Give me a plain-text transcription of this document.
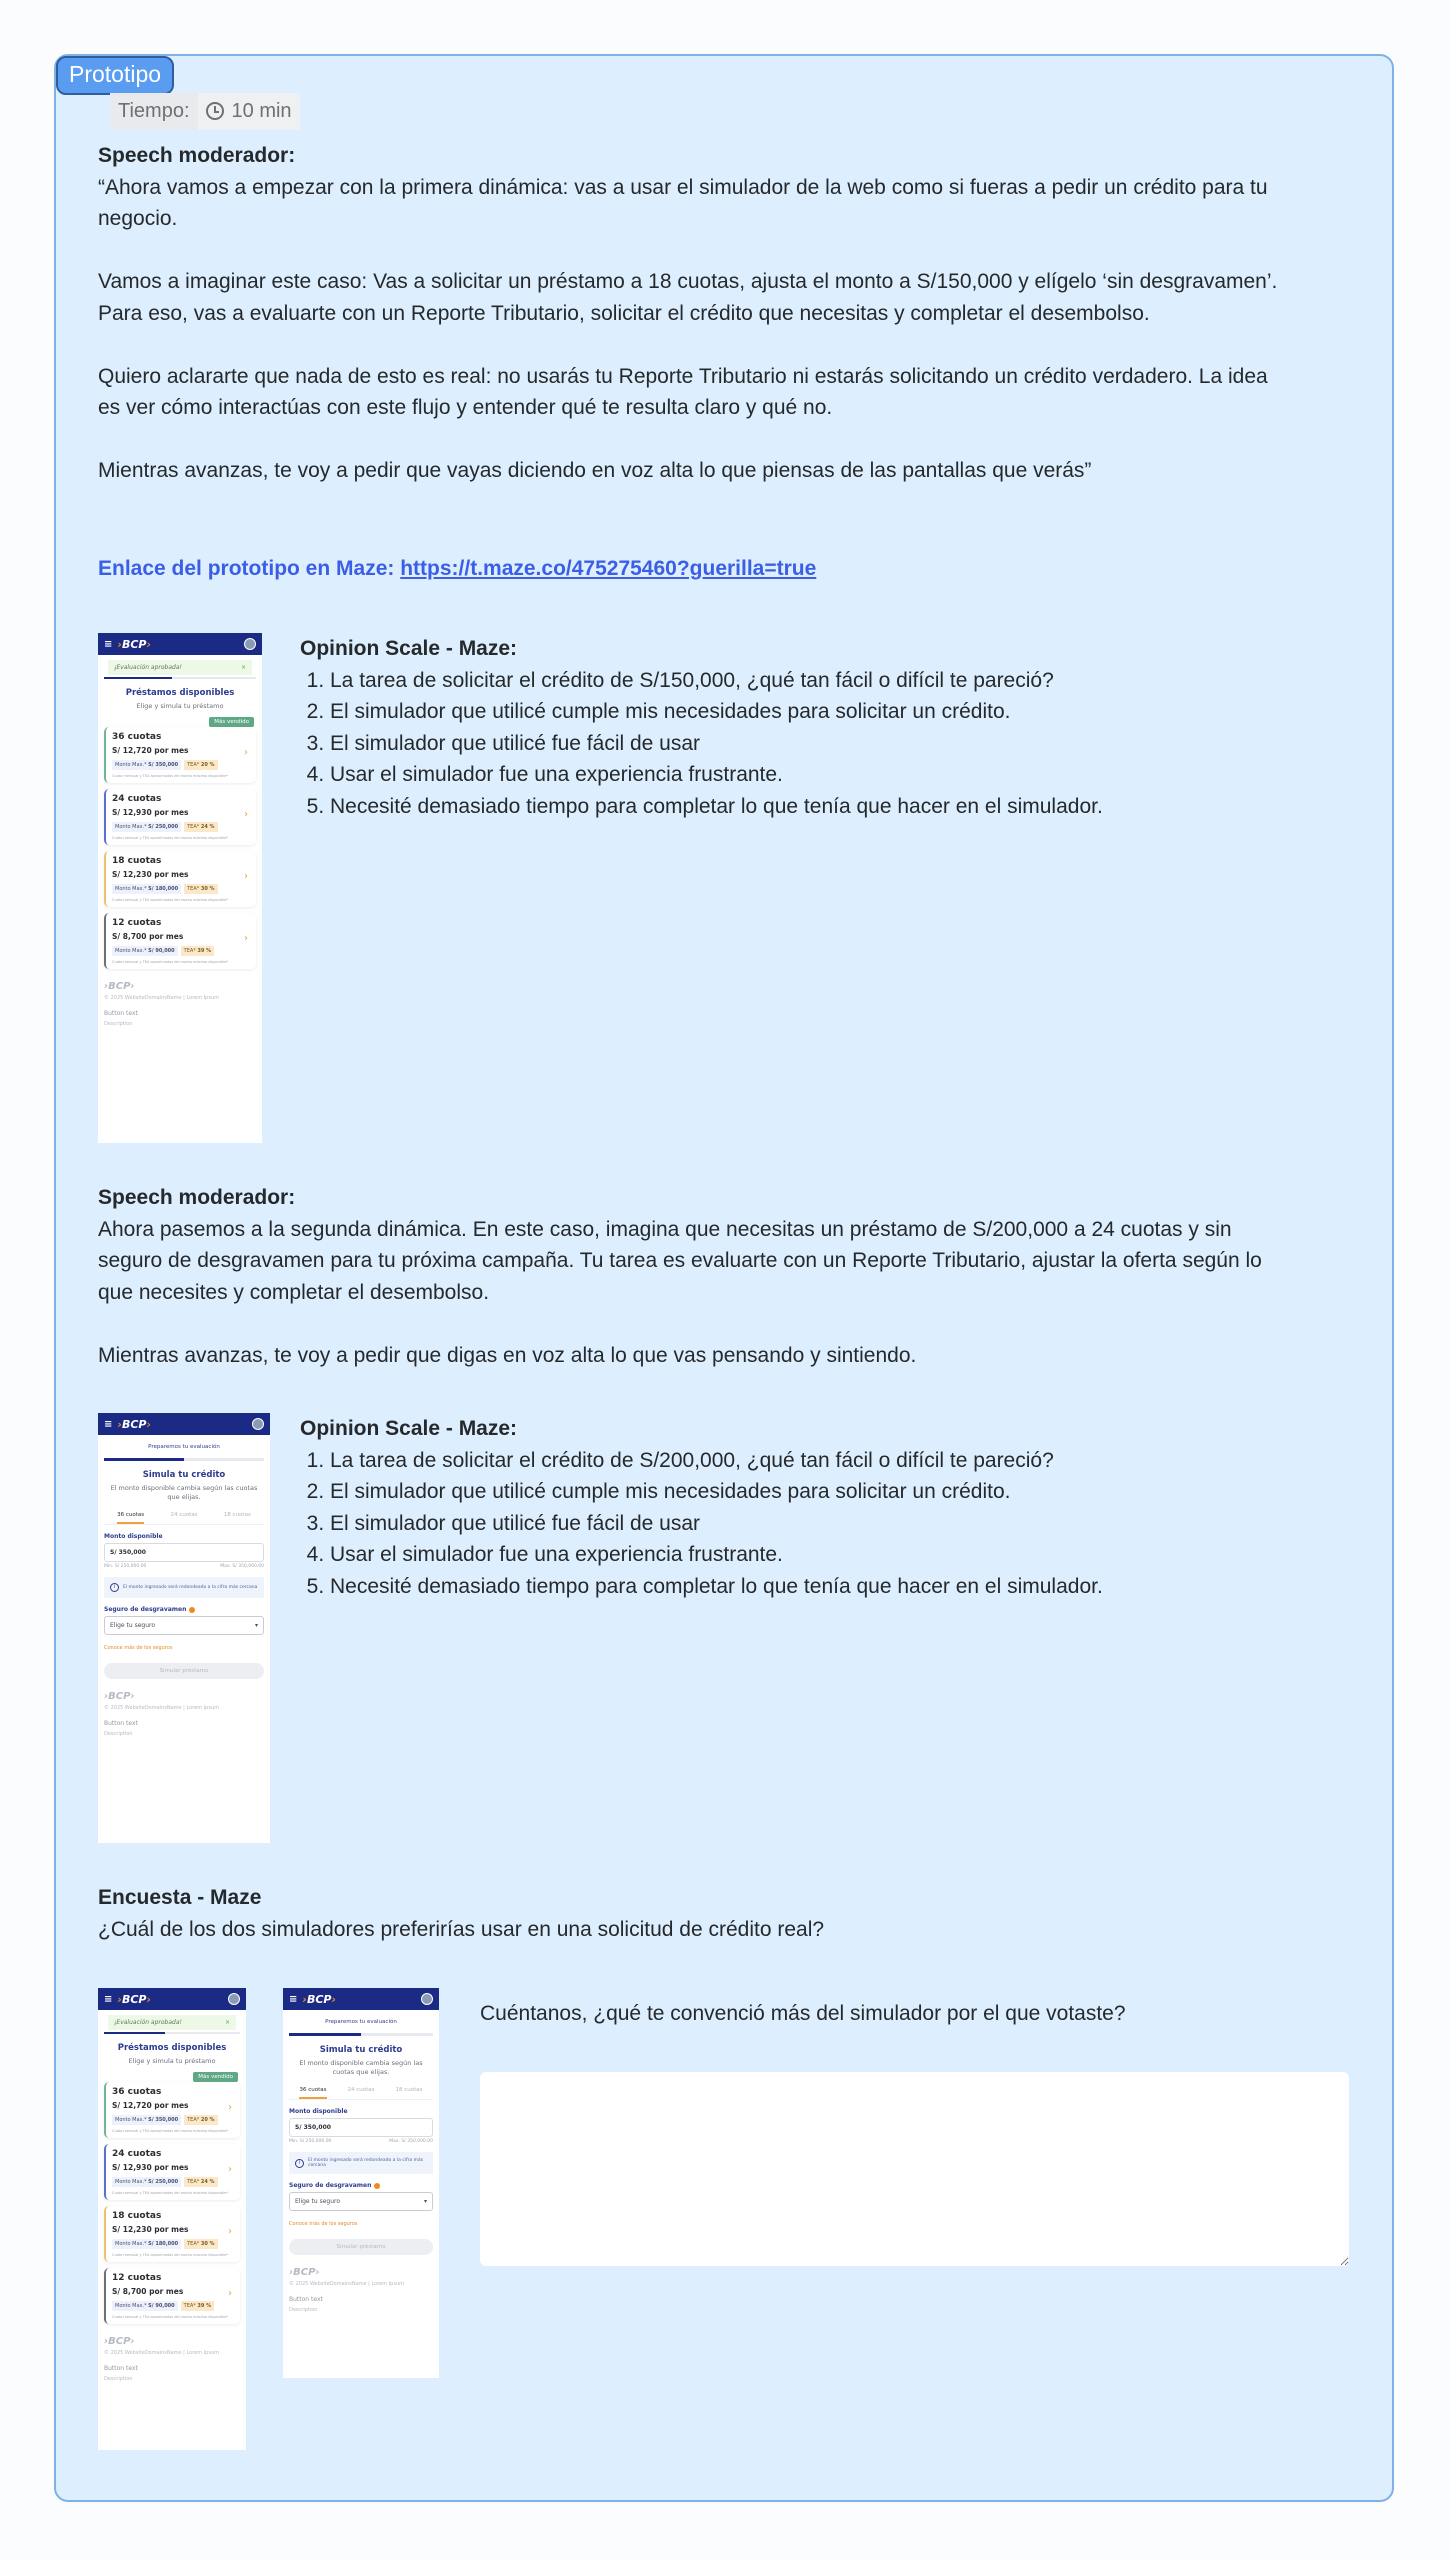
Prototipo
Tiempo:	10 min

Speech moderador:

“Ahora vamos a empezar con la primera dinámica: vas a usar el simulador de la web como si fueras a pedir un crédito para tu negocio.

Vamos a imaginar este caso: Vas a solicitar un préstamo a 18 cuotas, ajusta el monto a S/150,000 y elígelo ‘sin desgravamen’. Para eso, vas a evaluarte con un Reporte Tributario, solicitar el crédito que necesitas y completar el desembolso.

Quiero aclararte que nada de esto es real: no usarás tu Reporte Tributario ni estarás solicitando un crédito verdadero. La idea es ver cómo interactúas con este flujo y entender qué te resulta claro y qué no.

Mientras avanzas, te voy a pedir que vayas diciendo en voz alta lo que piensas de las pantallas que verás”

Enlace del prototipo en Maze: https://t.maze.co/475275460?guerilla=true
≡ ›BCP›
¡Evaluación aprobada!	×
Préstamos disponibles
Elige y simula tu préstamo
Más vendido
36 cuotas
S/ 12,720 por mes	›
Monto Max.* S/ 350,000	TEA* 20 %
Cuota mensual y TEA aproximadas del monto máximo disponible*
24 cuotas
S/ 12,930 por mes	›
Monto Max.* S/ 250,000	TEA* 24 %
Cuota mensual y TEA aproximadas del monto máximo disponible*
18 cuotas
S/ 12,230 por mes	›
Monto Max.* S/ 180,000	TEA* 30 %
Cuota mensual y TEA aproximadas del monto máximo disponible*
12 cuotas
S/ 8,700 por mes	›
Monto Max.* S/ 90,000	TEA* 39 %
Cuota mensual y TEA aproximadas del monto máximo disponible*
›BCP›
© 2025 WebsiteDomainsName | Lorem Ipsum
Button text
Description
Opinion Scale - Maze:
1. La tarea de solicitar el crédito de S/150,000, ¿qué tan fácil o difícil te pareció?
2. El simulador que utilicé cumple mis necesidades para solicitar un crédito.
3. El simulador que utilicé fue fácil de usar
4. Usar el simulador fue una experiencia frustrante.
5. Necesité demasiado tiempo para completar lo que tenía que hacer en el simulador.

Speech moderador:

Ahora pasemos a la segunda dinámica. En este caso, imagina que necesitas un préstamo de S/200,000 a 24 cuotas y sin seguro de desgravamen para tu próxima campaña. Tu tarea es evaluarte con un Reporte Tributario, ajustar la oferta según lo que necesites y completar el desembolso.

Mientras avanzas, te voy a pedir que digas en voz alta lo que vas pensando y sintiendo.

≡ ›BCP›
Preparemos tu evaluación
Simula tu crédito
El monto disponible cambia según las cuotas que elijas.
36 cuotas	24 cuotas	18 cuotas
Monto disponible
S/ 350,000
Min. S/ 250,000.00	Max. S/ 350,000.00
i	El monto ingresado será redondeado a la cifra más cercana
Seguro de desgravamen
Elige tu seguro	▾
Conoce más de los seguros
Simular préstamo
›BCP›
© 2025 WebsiteDomainsName | Lorem Ipsum
Button text
Description
Opinion Scale - Maze:
1. La tarea de solicitar el crédito de S/200,000, ¿qué tan fácil o difícil te pareció?
2. El simulador que utilicé cumple mis necesidades para solicitar un crédito.
3. El simulador que utilicé fue fácil de usar
4. Usar el simulador fue una experiencia frustrante.
5. Necesité demasiado tiempo para completar lo que tenía que hacer en el simulador.

Encuesta - Maze

¿Cuál de los dos simuladores preferirías usar en una solicitud de crédito real?

≡ ›BCP›
¡Evaluación aprobada!	×
Préstamos disponibles
Elige y simula tu préstamo
Más vendido
36 cuotas
S/ 12,720 por mes	›
Monto Max.* S/ 350,000	TEA* 20 %
Cuota mensual y TEA aproximadas del monto máximo disponible*
24 cuotas
S/ 12,930 por mes	›
Monto Max.* S/ 250,000	TEA* 24 %
Cuota mensual y TEA aproximadas del monto máximo disponible*
18 cuotas
S/ 12,230 por mes	›
Monto Max.* S/ 180,000	TEA* 30 %
Cuota mensual y TEA aproximadas del monto máximo disponible*
12 cuotas
S/ 8,700 por mes	›
Monto Max.* S/ 90,000	TEA* 39 %
Cuota mensual y TEA aproximadas del monto máximo disponible*
›BCP›
© 2025 WebsiteDomainsName | Lorem Ipsum
Button text
Description
≡ ›BCP›
Preparemos tu evaluación
Simula tu crédito
El monto disponible cambia según las cuotas que elijas.
36 cuotas	24 cuotas	18 cuotas
Monto disponible
S/ 350,000
Min. S/ 250,000.00	Max. S/ 350,000.00
i	El monto ingresado será redondeado a la cifra más cercana
Seguro de desgravamen
Elige tu seguro	▾
Conoce más de los seguros
Simular préstamo
›BCP›
© 2025 WebsiteDomainsName | Lorem Ipsum
Button text
Description
Cuéntanos, ¿qué te convenció más del simulador por el que votaste?
